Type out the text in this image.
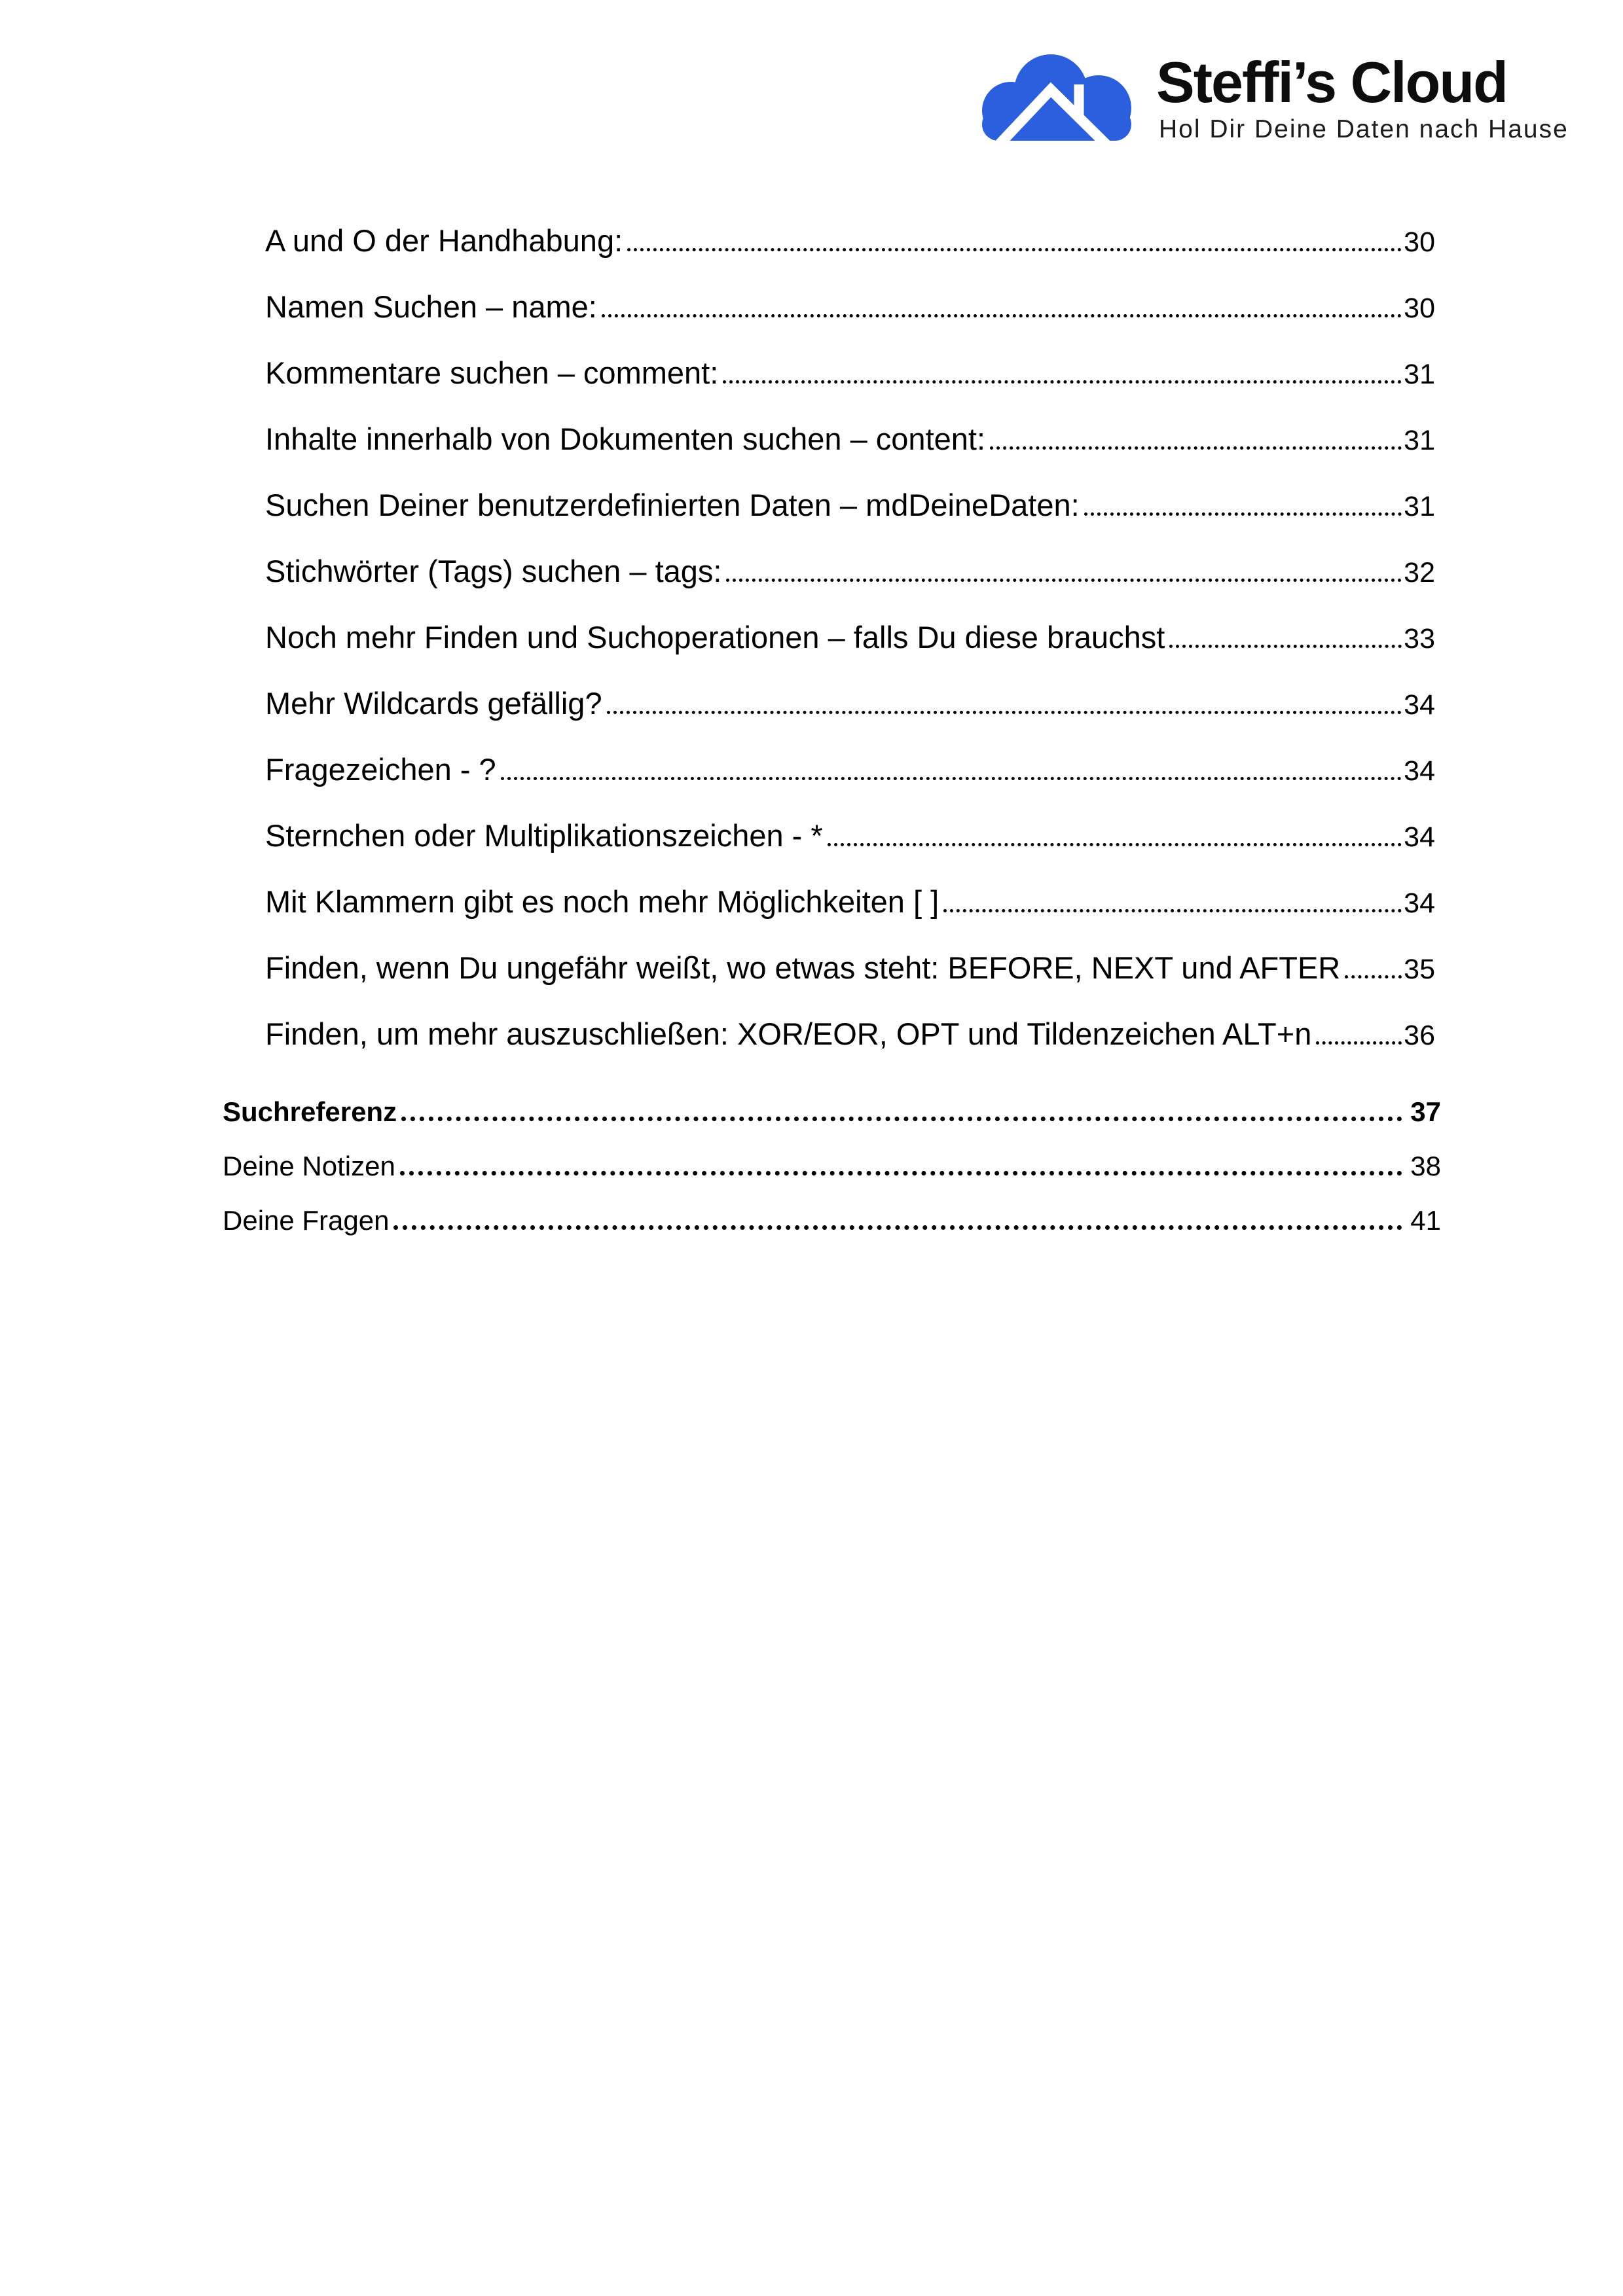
Steffi’s Cloud
Hol Dir Deine Daten nach Hause
A und O der Handhabung:	30
Namen Suchen – name:	30
Kommentare suchen – comment:	31
Inhalte innerhalb von Dokumenten suchen – content:	31
Suchen Deiner benutzerdefinierten Daten – mdDeineDaten:	31
Stichwörter (Tags) suchen – tags:	32
Noch mehr Finden und Suchoperationen – falls Du diese brauchst	33
Mehr Wildcards gefällig?	34
Fragezeichen - ?	34
Sternchen oder Multiplikationszeichen - *	34
Mit Klammern gibt es noch mehr Möglichkeiten [ ]	34
Finden, wenn Du ungefähr weißt, wo etwas steht: BEFORE, NEXT und AFTER 35
Finden, um mehr auszuschließen: XOR/EOR, OPT und Tildenzeichen ALT+n	36
Suchreferenz	37
Deine Notizen	38
Deine Fragen	41
